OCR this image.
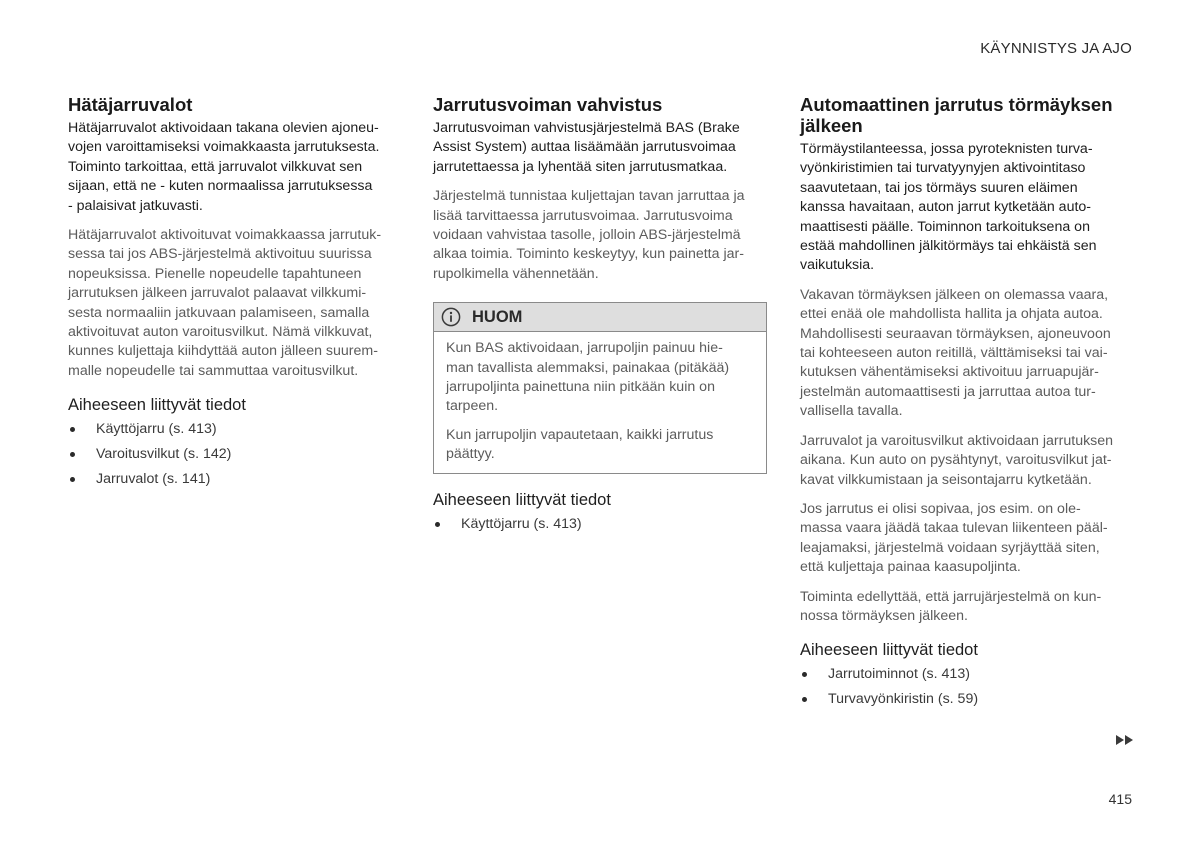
KÄYNNISTYS JA AJO
Hätäjarruvalot

Hätäjarruvalot aktivoidaan takana olevien ajoneu-
vojen varoittamiseksi voimakkaasta jarrutuksesta.
Toiminto tarkoittaa, että jarruvalot vilkkuvat sen
sijaan, että ne - kuten normaalissa jarrutuksessa
- palaisivat jatkuvasti.

Hätäjarruvalot aktivoituvat voimakkaassa jarrutuk-
sessa tai jos ABS-järjestelmä aktivoituu suurissa
nopeuksissa. Pienelle nopeudelle tapahtuneen
jarrutuksen jälkeen jarruvalot palaavat vilkkumi-
sesta normaaliin jatkuvaan palamiseen, samalla
aktivoituvat auton varoitusvilkut. Nämä vilkkuvat,
kunnes kuljettaja kiihdyttää auton jälleen suurem-
malle nopeudelle tai sammuttaa varoitusvilkut.

Aiheeseen liittyvät tiedot
Käyttöjarru (s. 413)
Varoitusvilkut (s. 142)
Jarruvalot (s. 141)
Jarrutusvoiman vahvistus

Jarrutusvoiman vahvistusjärjestelmä BAS (Brake
Assist System) auttaa lisäämään jarrutusvoimaa
jarrutettaessa ja lyhentää siten jarrutusmatkaa.

Järjestelmä tunnistaa kuljettajan tavan jarruttaa ja
lisää tarvittaessa jarrutusvoimaa. Jarrutusvoima
voidaan vahvistaa tasolle, jolloin ABS-järjestelmä
alkaa toimia. Toiminto keskeytyy, kun painetta jar-
rupolkimella vähennetään.

HUOM

Kun BAS aktivoidaan, jarrupoljin painuu hie-
man tavallista alemmaksi, painakaa (pitäkää)
jarrupoljinta painettuna niin pitkään kuin on
tarpeen.

Kun jarrupoljin vapautetaan, kaikki jarrutus
päättyy.

Aiheeseen liittyvät tiedot
Käyttöjarru (s. 413)
Automaattinen jarrutus törmäyksen
jälkeen

Törmäystilanteessa, jossa pyroteknisten turva-
vyönkiristimien tai turvatyynyjen aktivointitaso
saavutetaan, tai jos törmäys suuren eläimen
kanssa havaitaan, auton jarrut kytketään auto-
maattisesti päälle. Toiminnon tarkoituksena on
estää mahdollinen jälkitörmäys tai ehkäistä sen
vaikutuksia.

Vakavan törmäyksen jälkeen on olemassa vaara,
ettei enää ole mahdollista hallita ja ohjata autoa.
Mahdollisesti seuraavan törmäyksen, ajoneuvoon
tai kohteeseen auton reitillä, välttämiseksi tai vai-
kutuksen vähentämiseksi aktivoituu jarruapujär-
jestelmän automaattisesti ja jarruttaa autoa tur-
vallisella tavalla.

Jarruvalot ja varoitusvilkut aktivoidaan jarrutuksen
aikana. Kun auto on pysähtynyt, varoitusvilkut jat-
kavat vilkkumistaan ja seisontajarru kytketään.

Jos jarrutus ei olisi sopivaa, jos esim. on ole-
massa vaara jäädä takaa tulevan liikenteen pääl-
leajamaksi, järjestelmä voidaan syrjäyttää siten,
että kuljettaja painaa kaasupoljinta.

Toiminta edellyttää, että jarrujärjestelmä on kun-
nossa törmäyksen jälkeen.

Aiheeseen liittyvät tiedot
Jarrutoiminnot (s. 413)
Turvavyönkiristin (s. 59)
415
